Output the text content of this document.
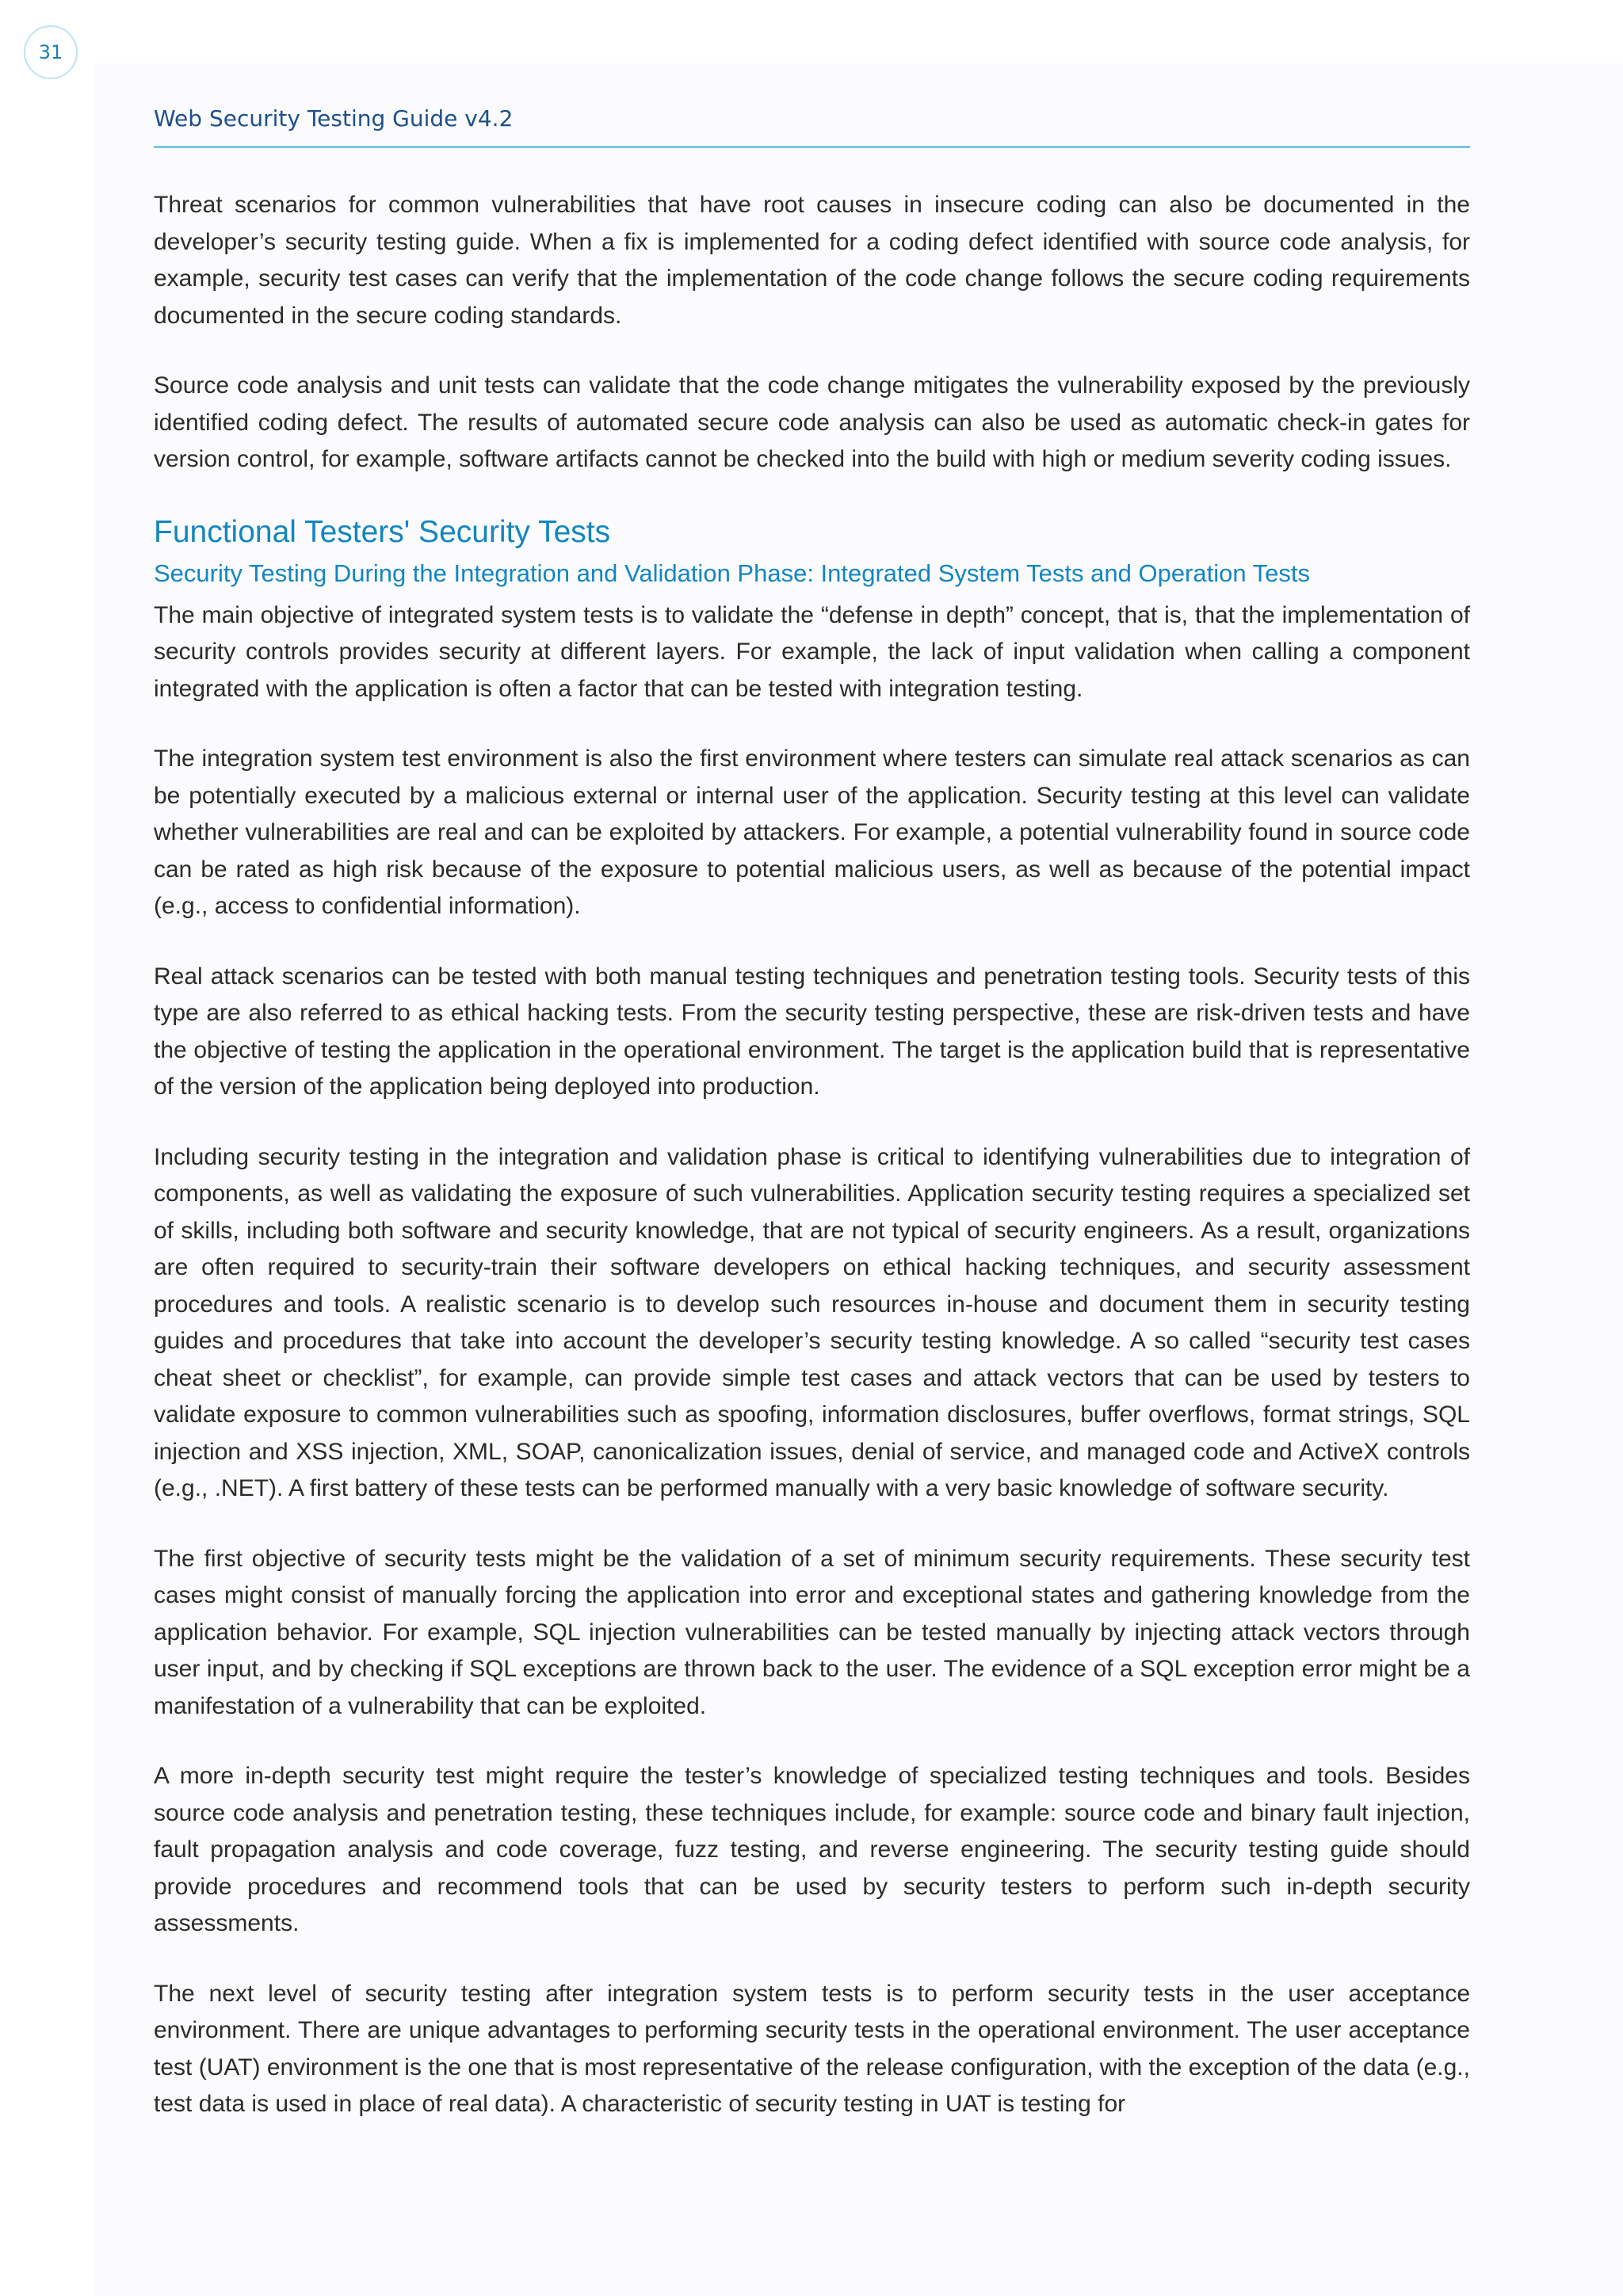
31
Web Security Testing Guide v4.2

Threat scenarios for common vulnerabilities that have root causes in insecure coding can also be documented in the developer’s security testing guide. When a fix is implemented for a coding defect identified with source code analysis, for example, security test cases can verify that the implementation of the code change follows the secure coding requirements documented in the secure coding standards.

Source code analysis and unit tests can validate that the code change mitigates the vulnerability exposed by the previously identified coding defect. The results of automated secure code analysis can also be used as automatic check-in gates for version control, for example, software artifacts cannot be checked into the build with high or medium severity coding issues.

Functional Testers' Security Tests
Security Testing During the Integration and Validation Phase: Integrated System Tests and Operation Tests

The main objective of integrated system tests is to validate the “defense in depth” concept, that is, that the implementation of security controls provides security at different layers. For example, the lack of input validation when calling a component integrated with the application is often a factor that can be tested with integration testing.

The integration system test environment is also the first environment where testers can simulate real attack scenarios as can be potentially executed by a malicious external or internal user of the application. Security testing at this level can validate whether vulnerabilities are real and can be exploited by attackers. For example, a potential vulnerability found in source code can be rated as high risk because of the exposure to potential malicious users, as well as because of the potential impact (e.g., access to confidential information).

Real attack scenarios can be tested with both manual testing techniques and penetration testing tools. Security tests of this type are also referred to as ethical hacking tests. From the security testing perspective, these are risk-driven tests and have the objective of testing the application in the operational environment. The target is the application build that is representative of the version of the application being deployed into production.

Including security testing in the integration and validation phase is critical to identifying vulnerabilities due to integration of components, as well as validating the exposure of such vulnerabilities. Application security testing requires a specialized set of skills, including both software and security knowledge, that are not typical of security engineers. As a result, organizations are often required to security-train their software developers on ethical hacking techniques, and security assessment procedures and tools. A realistic scenario is to develop such resources in-house and document them in security testing guides and procedures that take into account the developer’s security testing knowledge. A so called “security test cases cheat sheet or checklist”, for example, can provide simple test cases and attack vectors that can be used by testers to validate exposure to common vulnerabilities such as spoofing, information disclosures, buffer overflows, format strings, SQL injection and XSS injection, XML, SOAP, canonicalization issues, denial of service, and managed code and ActiveX controls (e.g., .NET). A first battery of these tests can be performed manually with a very basic knowledge of software security.

The first objective of security tests might be the validation of a set of minimum security requirements. These security test cases might consist of manually forcing the application into error and exceptional states and gathering knowledge from the application behavior. For example, SQL injection vulnerabilities can be tested manually by injecting attack vectors through user input, and by checking if SQL exceptions are thrown back to the user. The evidence of a SQL exception error might be a manifestation of a vulnerability that can be exploited.

A more in-depth security test might require the tester’s knowledge of specialized testing techniques and tools. Besides source code analysis and penetration testing, these techniques include, for example: source code and binary fault injection, fault propagation analysis and code coverage, fuzz testing, and reverse engineering. The security testing guide should provide procedures and recommend tools that can be used by security testers to perform such in-depth security assessments.

The next level of security testing after integration system tests is to perform security tests in the user acceptance environment. There are unique advantages to performing security tests in the operational environment. The user acceptance test (UAT) environment is the one that is most representative of the release configuration, with the exception of the data (e.g., test data is used in place of real data). A characteristic of security testing in UAT is testing for
